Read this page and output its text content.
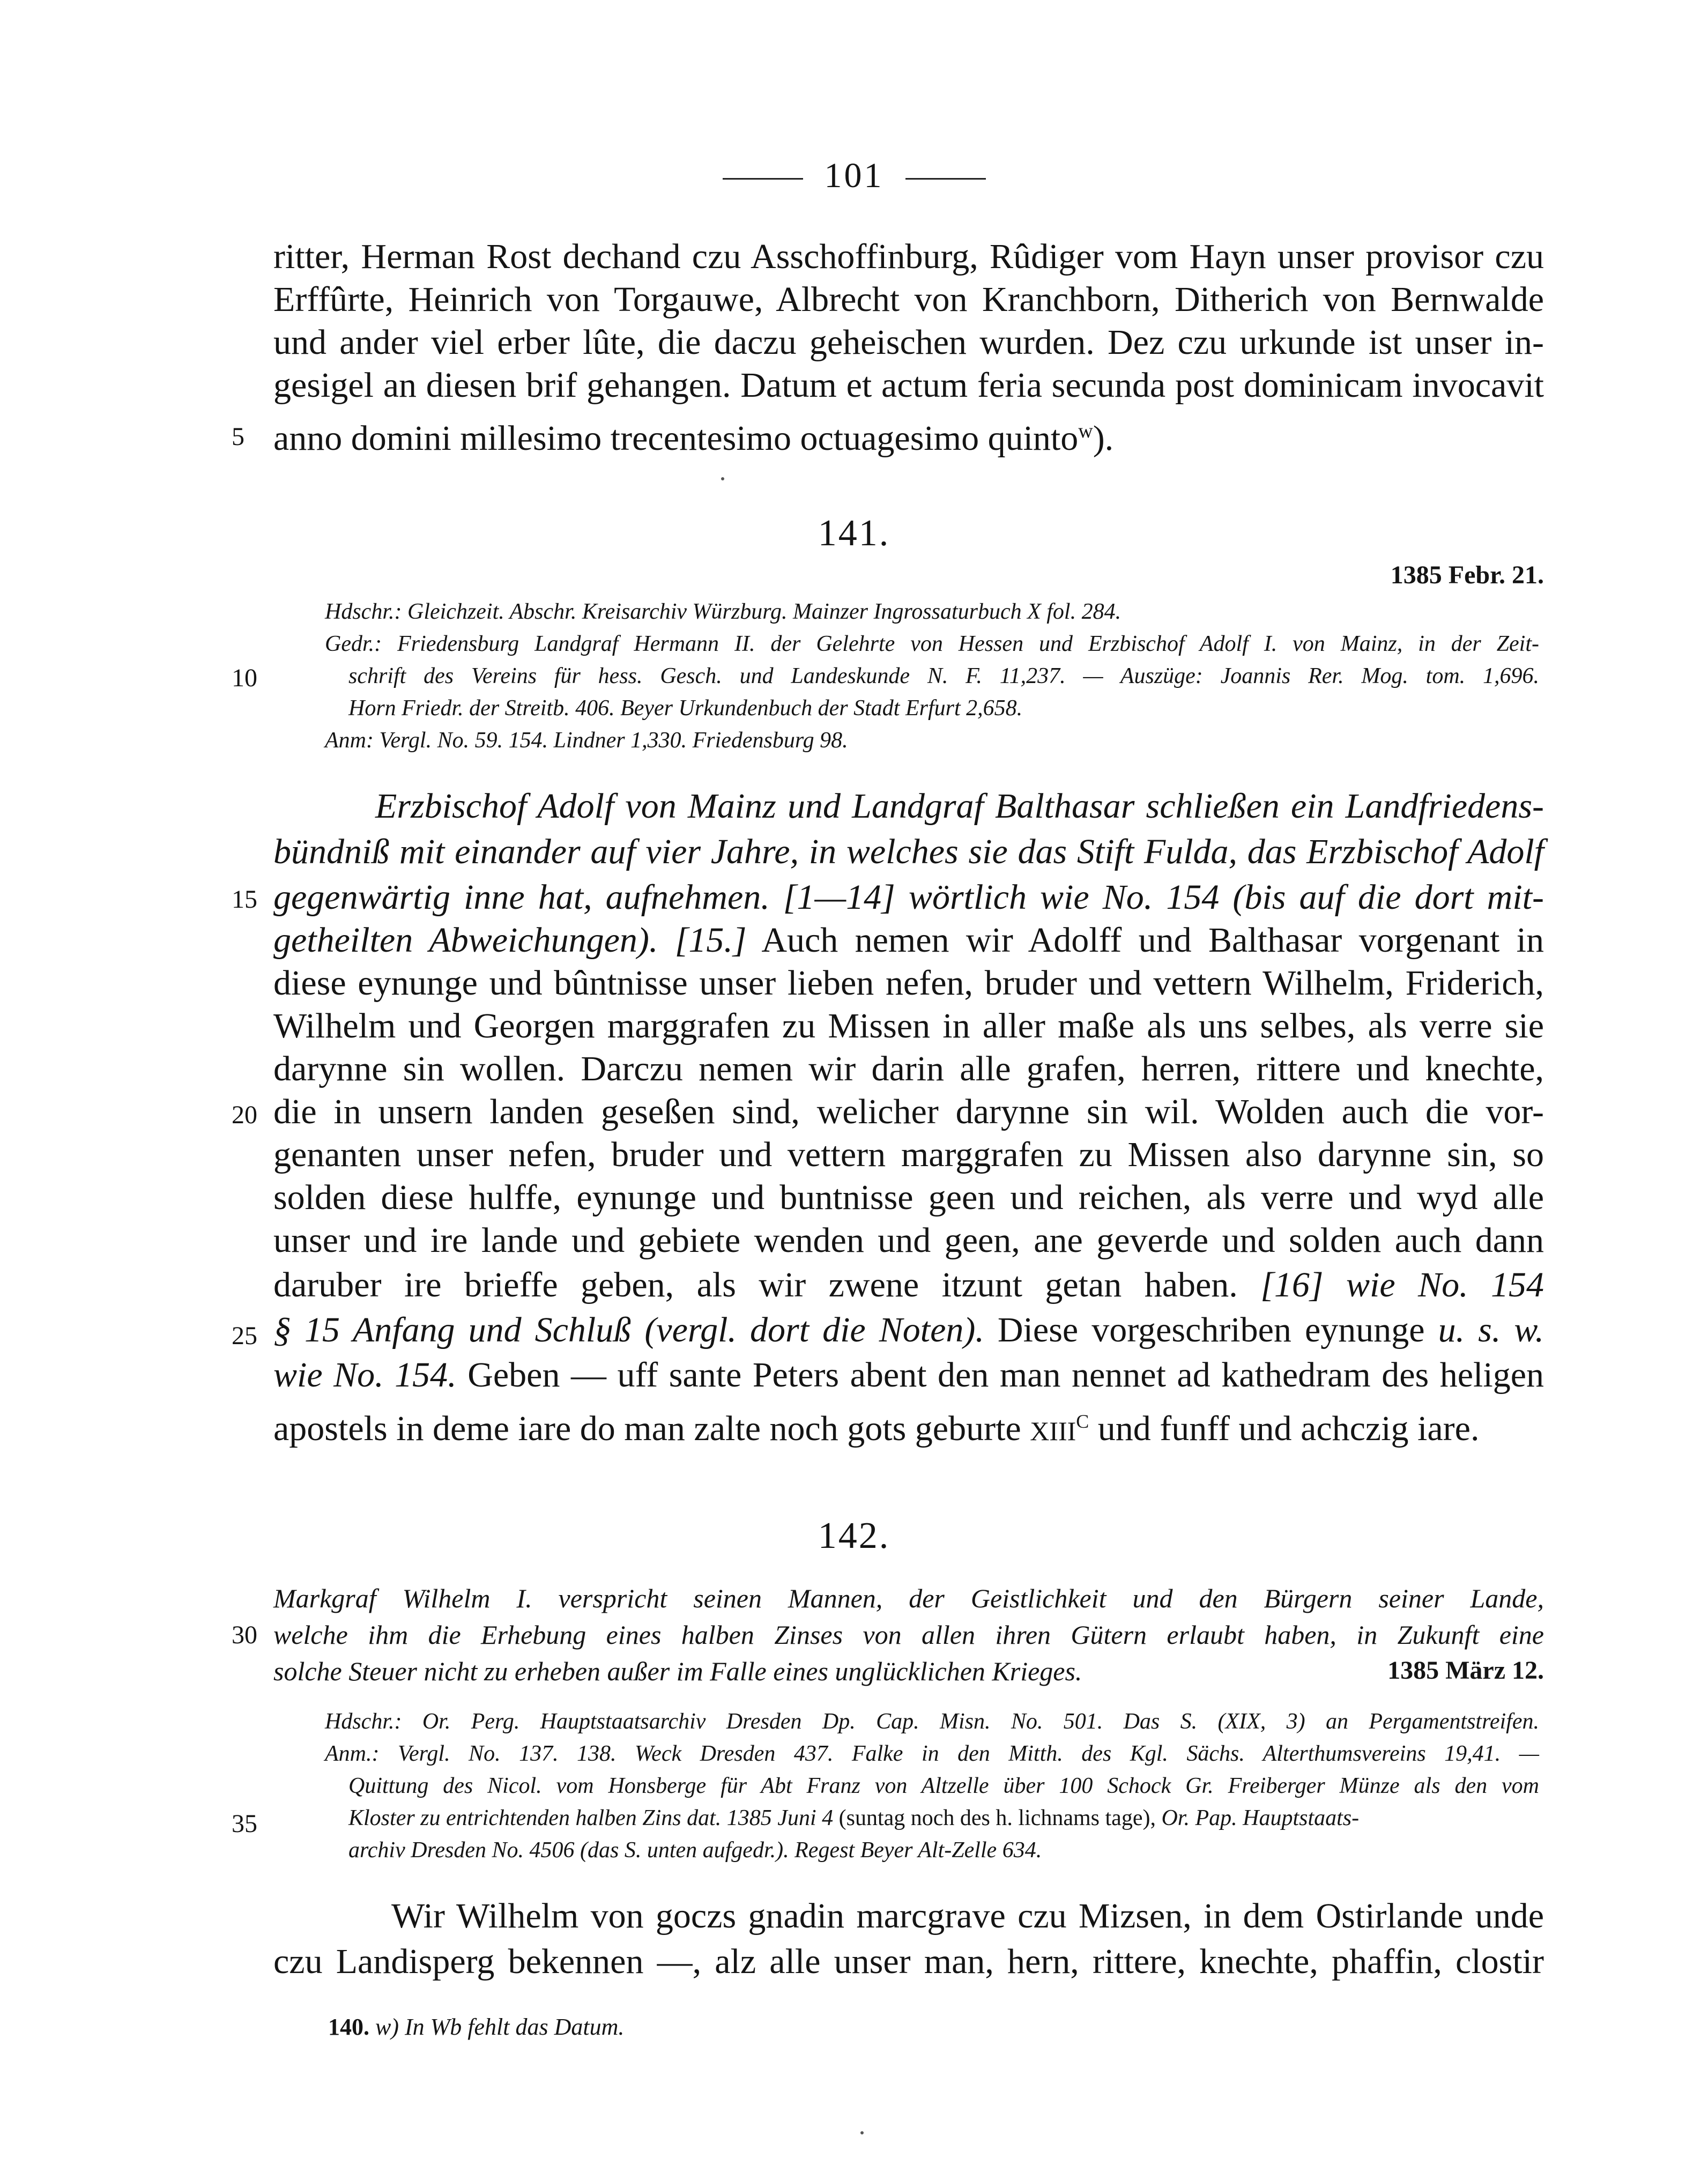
101
ritter, Herman Rost dechand czu Asschoffinburg, Rûdiger vom Hayn unser provisor czu
Erffûrte, Heinrich von Torgauwe, Albrecht von Kranchborn, Ditherich von Bernwalde
und ander viel erber lûte, die daczu geheischen wurden. Dez czu urkunde ist unser in-
gesigel an diesen brif gehangen. Datum et actum feria secunda post dominicam invocavit
anno domini millesimo trecentesimo octuagesimo quinto$^w$).
5
10
15
20
25
30
35
141.
1385 Febr. 21.
Hdschr.: Gleichzeit. Abschr. Kreisarchiv Würzburg. Mainzer Ingrossaturbuch X fol. 284.
Gedr.: Friedensburg Landgraf Hermann II. der Gelehrte von Hessen und Erzbischof Adolf I. von Mainz, in der Zeit-
schrift des Vereins für hess. Gesch. und Landeskunde N. F. 11,237. — Auszüge: Joannis Rer. Mog. tom. 1,696.
Horn Friedr. der Streitb. 406. Beyer Urkundenbuch der Stadt Erfurt 2,658.
Anm: Vergl. No. 59. 154. Lindner 1,330. Friedensburg 98.
Erzbischof Adolf von Mainz und Landgraf Balthasar schließen ein Landfriedens-
bündniß mit einander auf vier Jahre, in welches sie das Stift Fulda, das Erzbischof Adolf
gegenwärtig inne hat, aufnehmen. [1—14] wörtlich wie No. 154 (bis auf die dort mit-
getheilten Abweichungen). [15.] Auch nemen wir Adolff und Balthasar vorgenant in
diese eynunge und bûntnisse unser lieben nefen, bruder und vettern Wilhelm, Friderich,
Wilhelm und Georgen marggrafen zu Missen in aller maße als uns selbes, als verre sie
darynne sin wollen. Darczu nemen wir darin alle grafen, herren, rittere und knechte,
die in unsern landen geseßen sind, welicher darynne sin wil. Wolden auch die vor-
genanten unser nefen, bruder und vettern marggrafen zu Missen also darynne sin, so
solden diese hulffe, eynunge und buntnisse geen und reichen, als verre und wyd alle
unser und ire lande und gebiete wenden und geen, ane geverde und solden auch dann
daruber ire brieffe geben, als wir zwene itzunt getan haben. [16] wie No. 154
§ 15 Anfang und Schluß (vergl. dort die Noten). Diese vorgeschriben eynunge u. s. w.
wie No. 154. Geben — uff sante Peters abent den man nennet ad kathedram des heligen
apostels in deme iare do man zalte noch gots geburte $XIII^C$ und funff und achczig iare.
142.
Markgraf Wilhelm I. verspricht seinen Mannen, der Geistlichkeit und den Bürgern seiner Lande,
welche ihm die Erhebung eines halben Zinses von allen ihren Gütern erlaubt haben, in Zukunft eine
solche Steuer nicht zu erheben außer im Falle eines unglücklichen Krieges.	1385 März 12.
Hdschr.: Or. Perg. Hauptstaatsarchiv Dresden Dp. Cap. Misn. No. 501. Das S. (XIX, 3) an Pergamentstreifen.
Anm.: Vergl. No. 137. 138. Weck Dresden 437. Falke in den Mitth. des Kgl. Sächs. Alterthumsvereins 19,41. —
Quittung des Nicol. vom Honsberge für Abt Franz von Altzelle über 100 Schock Gr. Freiberger Münze als den vom
Kloster zu entrichtenden halben Zins dat. 1385 Juni 4 (suntag noch des h. lichnams tage), Or. Pap. Hauptstaats-
archiv Dresden No. 4506 (das S. unten aufgedr.). Regest Beyer Alt-Zelle 634.
Wir Wilhelm von goczs gnadin marcgrave czu Mizsen, in dem Ostirlande unde
czu Landisperg bekennen —, alz alle unser man, hern, rittere, knechte, phaffin, clostir
140. w) In Wb fehlt das Datum.
